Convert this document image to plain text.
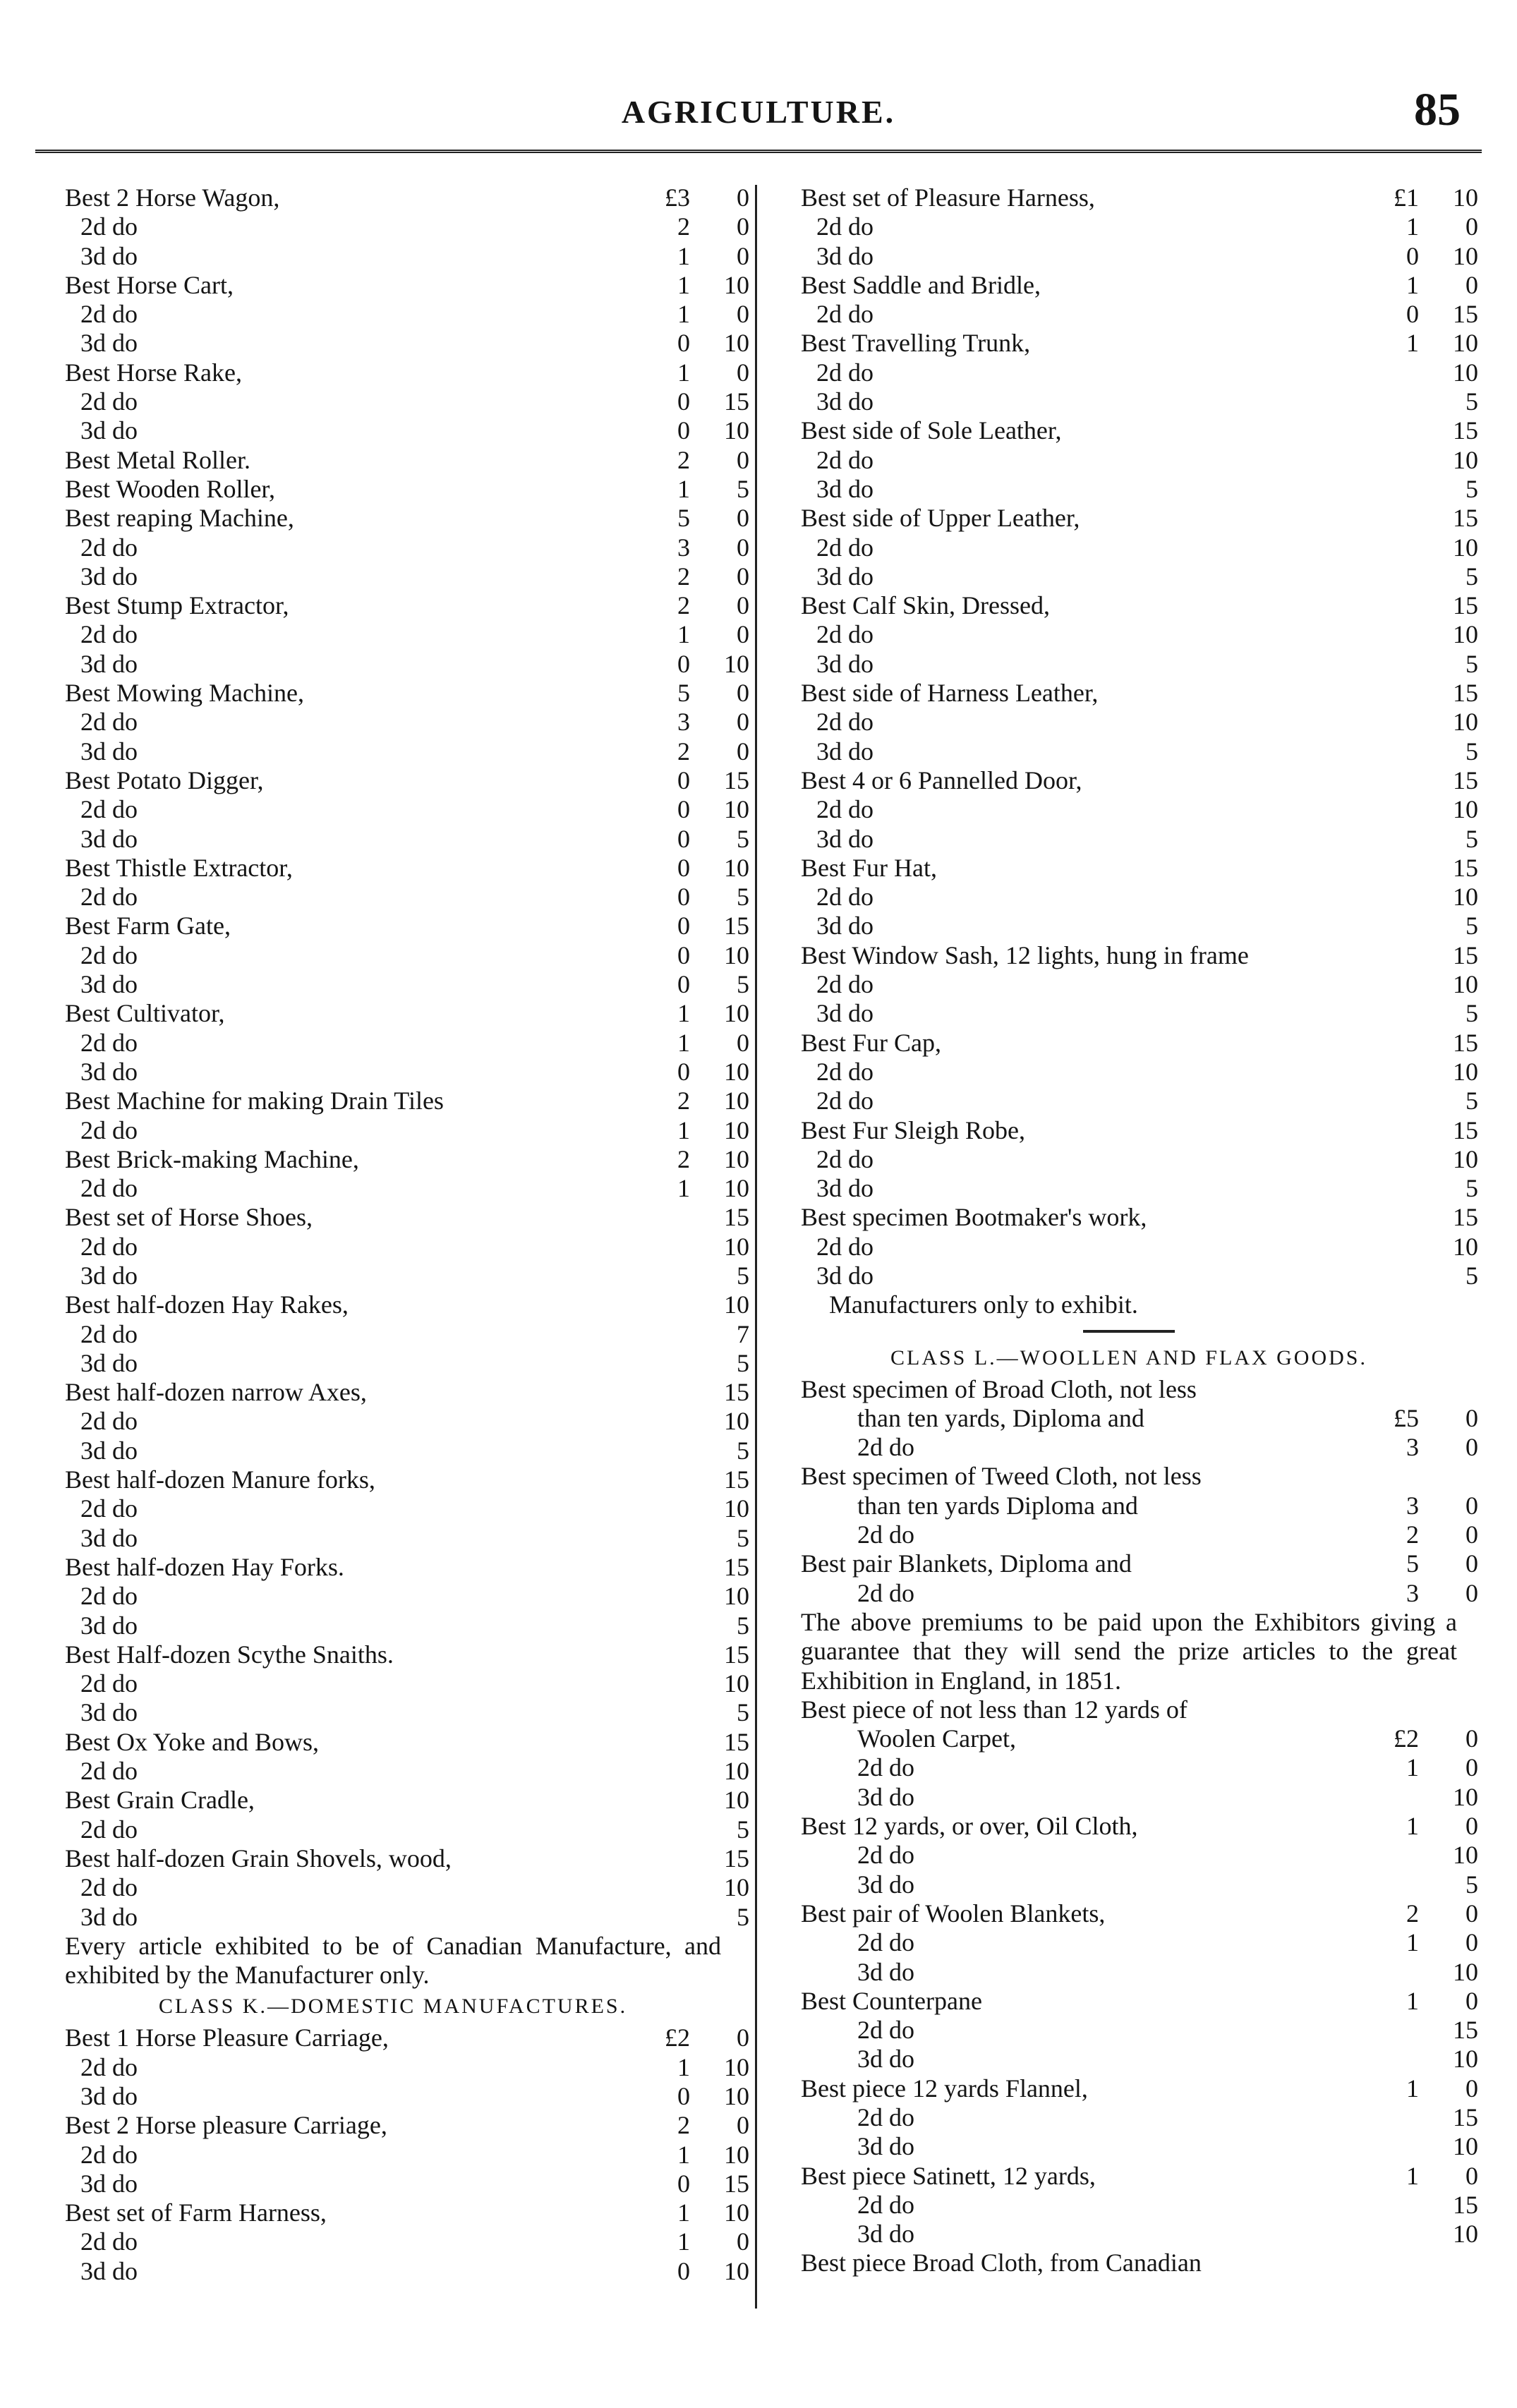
AGRICULTURE.	85
Best 2 Horse Wagon,	£3	0
2d do	2	0
3d do	1	0
Best Horse Cart,	1	10
2d do	1	0
3d do	0	10
Best Horse Rake,	1	0
2d do	0	15
3d do	0	10
Best Metal Roller.	2	0
Best Wooden Roller,	1	5
Best reaping Machine,	5	0
2d do	3	0
3d do	2	0
Best Stump Extractor,	2	0
2d do	1	0
3d do	0	10
Best Mowing Machine,	5	0
2d do	3	0
3d do	2	0
Best Potato Digger,	0	15
2d do	0	10
3d do	0	5
Best Thistle Extractor,	0	10
2d do	0	5
Best Farm Gate,	0	15
2d do	0	10
3d do	0	5
Best Cultivator,	1	10
2d do	1	0
3d do	0	10
Best Machine for making Drain Tiles	2	10
2d do	1	10
Best Brick-making Machine,	2	10
2d do	1	10
Best set of Horse Shoes,	15
2d do	10
3d do	5
Best half-dozen Hay Rakes,	10
2d do	7
3d do	5
Best half-dozen narrow Axes,	15
2d do	10
3d do	5
Best half-dozen Manure forks,	15
2d do	10
3d do	5
Best half-dozen Hay Forks.	15
2d do	10
3d do	5
Best Half-dozen Scythe Snaiths.	15
2d do	10
3d do	5
Best Ox Yoke and Bows,	15
2d do	10
Best Grain Cradle,	10
2d do	5
Best half-dozen Grain Shovels, wood,	15
2d do	10
3d do	5
Every article exhibited to be of Canadian Manufacture, and exhibited by the Manufacturer only.
CLASS K.—DOMESTIC MANUFACTURES.
Best 1 Horse Pleasure Carriage,	£2	0
2d do	1	10
3d do	0	10
Best 2 Horse pleasure Carriage,	2	0
2d do	1	10
3d do	0	15
Best set of Farm Harness,	1	10
2d do	1	0
3d do	0	10
Best set of Pleasure Harness,	£1	10
2d do	1	0
3d do	0	10
Best Saddle and Bridle,	1	0
2d do	0	15
Best Travelling Trunk,	1	10
2d do	10
3d do	5
Best side of Sole Leather,	15
2d do	10
3d do	5
Best side of Upper Leather,	15
2d do	10
3d do	5
Best Calf Skin, Dressed,	15
2d do	10
3d do	5
Best side of Harness Leather,	15
2d do	10
3d do	5
Best 4 or 6 Pannelled Door,	15
2d do	10
3d do	5
Best Fur Hat,	15
2d do	10
3d do	5
Best Window Sash, 12 lights, hung in frame	15
2d do	10
3d do	5
Best Fur Cap,	15
2d do	10
2d do	5
Best Fur Sleigh Robe,	15
2d do	10
3d do	5
Best specimen Bootmaker's work,	15
2d do	10
3d do	5
Manufacturers only to exhibit.
CLASS L.—WOOLLEN AND FLAX GOODS.
Best specimen of Broad Cloth, not less
than ten yards, Diploma and	£5	0
2d do	3	0
Best specimen of Tweed Cloth, not less
than ten yards Diploma and	3	0
2d do	2	0
Best pair Blankets, Diploma and	5	0
2d do	3	0
The above premiums to be paid upon the Exhibitors giving a guarantee that they will send the prize articles to the great Exhibition in England, in 1851.
Best piece of not less than 12 yards of
Woolen Carpet,	£2	0
2d do	1	0
3d do	10
Best 12 yards, or over, Oil Cloth,	1	0
2d do	10
3d do	5
Best pair of Woolen Blankets,	2	0
2d do	1	0
3d do	10
Best Counterpane	1	0
2d do	15
3d do	10
Best piece 12 yards Flannel,	1	0
2d do	15
3d do	10
Best piece Satinett, 12 yards,	1	0
2d do	15
3d do	10
Best piece Broad Cloth, from Canadian
